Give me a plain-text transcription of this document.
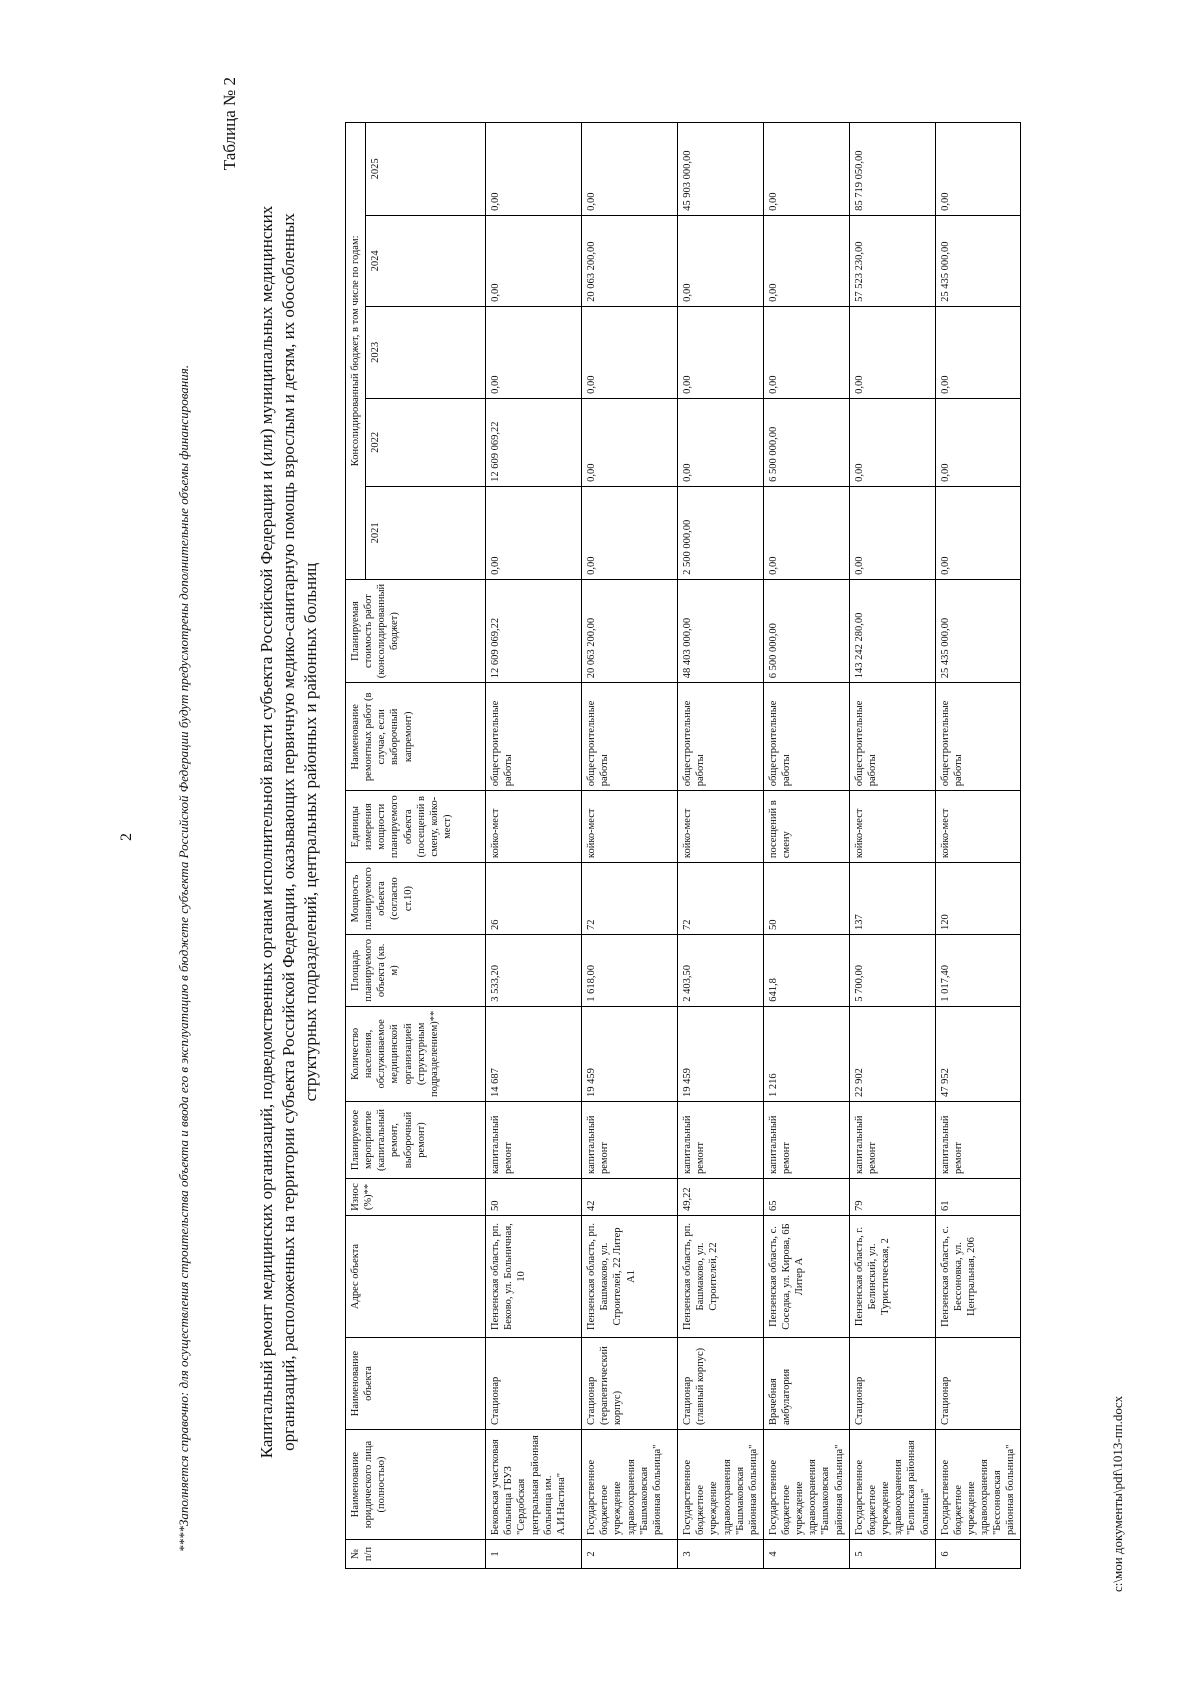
2	****Заполняется справочно: для осуществления строительства объекта и ввода его в эксплуатацию в бюджете субъекта Российской Федерации будут предусмотрены дополнительные объемы финансирования.
Таблица № 2
Капитальный ремонт медицинских организаций, подведомственных органам исполнительной власти субъекта Российской Федерации и (или) муниципальных медицинских организаций, расположенных на территории субъекта Российской Федерации, оказывающих первичную медико-санитарную помощь взрослым и детям, их обособленных структурных подразделений, центральных районных и районных больниц
№ п/п	Наименование юридического лица (полностью)	Наименование объекта	Адрес объекта	Износ (%)**	Планируемое мероприятие (капитальный ремонт, выборочный ремонт)	Количество населения, обслуживаемое медицинской организацией (структурным подразделением)**	Площадь планируемого объекта (кв. м)	Мощность планируемого объекта (согласно ст.10)	Единицы измерения мощности планируемого объекта (посещений в смену, койко-мест)	Наименование ремонтных работ (в случае, если выборочный капремонт)	Планируемая стоимость работ (консолидированный бюджет)	Консолидированный бюджет, в том числе по годам:				
												2021	2022	2023	2024	2025
1	Бековская участковая больница ГБУЗ "Сердобская центральная районная больница им. А.И.Настина"	Стационар	Пензенская область, рп. Беково, ул. Больничная, 10	50	капитальный ремонт	14 687	3 533,20	26	койко-мест	общестроительные работы	12 609 069,22	0,00	12 609 069,22	0,00	0,00	0,00
2	Государственное бюджетное учреждение здравоохранения "Башмаковская районная больница"	Стационар (терапевтический корпус)	Пензенская область, рп. Башмаково, ул. Строителей, 22 Литер А1	42	капитальный ремонт	19 459	1 618,00	72	койко-мест	общестроительные работы	20 063 200,00	0,00	0,00	0,00	20 063 200,00	0,00
3	Государственное бюджетное учреждение здравоохранения "Башмаковская районная больница"	Стационар (главный корпус)	Пензенская область, рп. Башмаково, ул. Строителей, 22	49,22	капитальный ремонт	19 459	2 403,50	72	койко-мест	общестроительные работы	48 403 000,00	2 500 000,00	0,00	0,00	0,00	45 903 000,00
4	Государственное бюджетное учреждение здравоохранения "Башмаковская районная больница"	Врачебная амбулатория	Пензенская область, с. Соседка, ул. Кирова, 6Б Литер А	65	капитальный ремонт	1 216	641,8	50	посещений в смену	общестроительные работы	6 500 000,00	0,00	6 500 000,00	0,00	0,00	0,00
5	Государственное бюджетное учреждение здравоохранения "Белинская районная больница"	Стационар	Пензенская область, г. Белинский, ул. Туристическая, 2	79	капитальный ремонт	22 902	5 700,00	137	койко-мест	общестроительные работы	143 242 280,00	0,00	0,00	0,00	57 523 230,00	85 719 050,00
6	Государственное бюджетное учреждение здравоохранения "Бессоновская районная больница"	Стационар	Пензенская область, с. Бессоновка, ул. Центральная, 206	61	капитальный ремонт	47 952	1 017,40	120	койко-мест	общестроительные работы	25 435 000,00	0,00	0,00	0,00	25 435 000,00	0,00
c:\мои документы\pdf\1013-пп.docx
